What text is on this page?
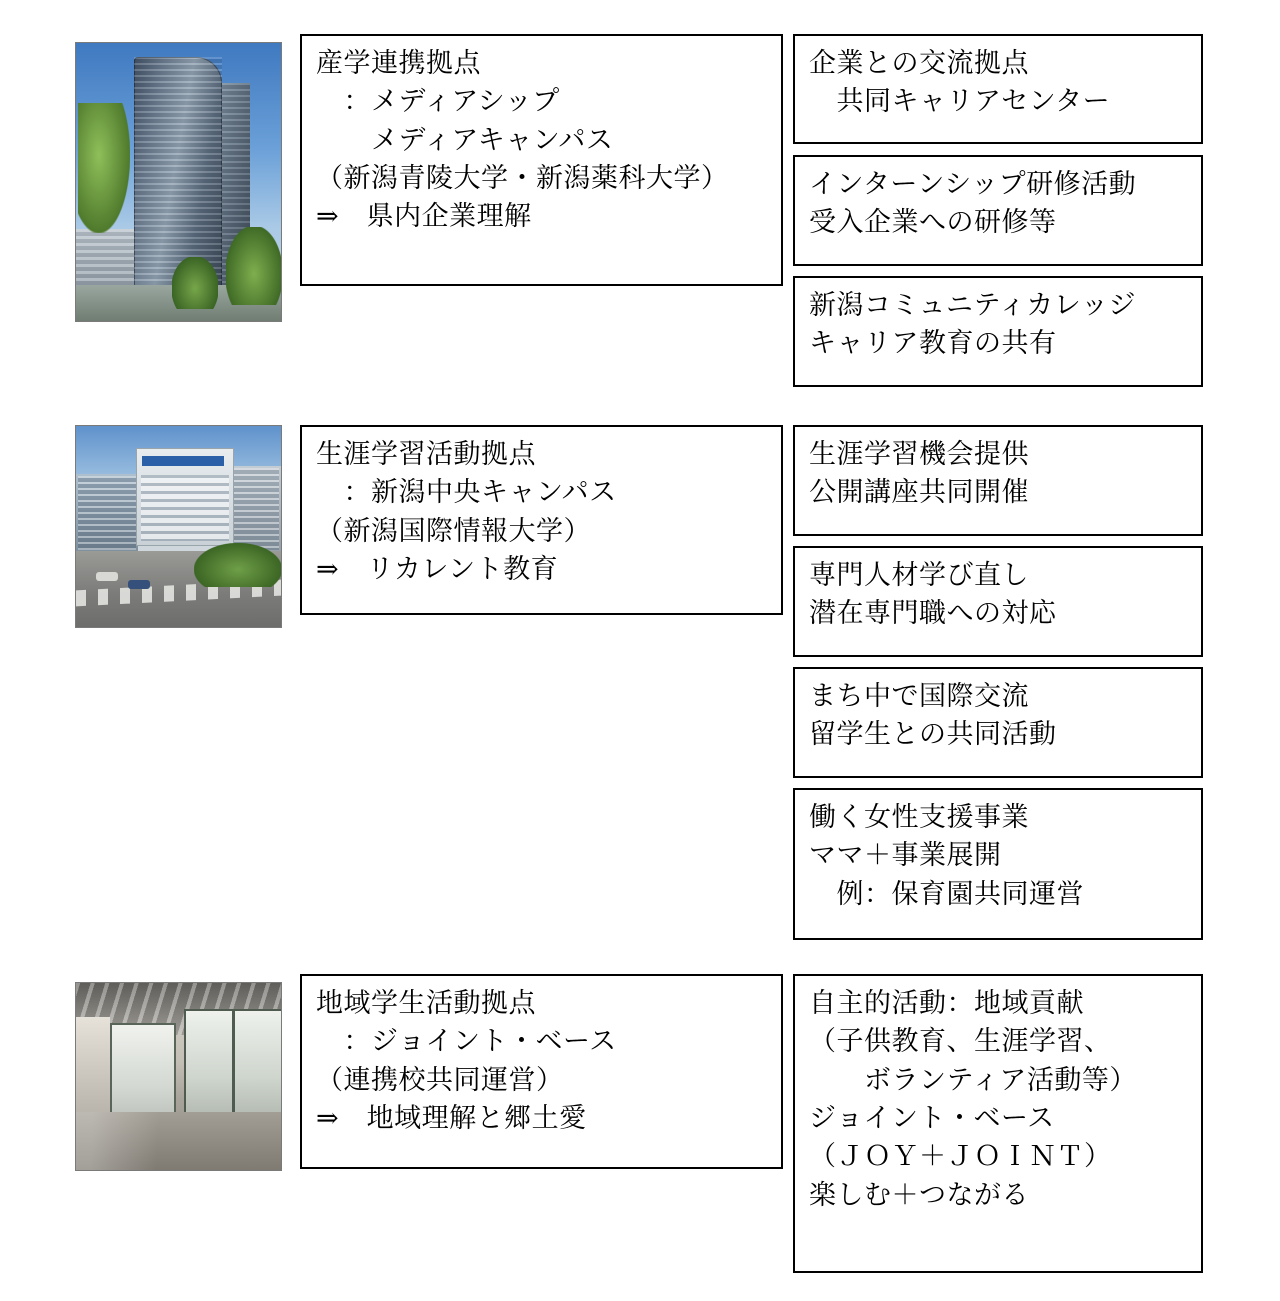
産学連携拠点
　：メディアシップ
　　メディアキャンパス
（新潟青陵大学・新潟薬科大学）
⇒　県内企業理解
企業との交流拠点
　共同キャリアセンター
インターンシップ研修活動
受入企業への研修等
新潟コミュニティカレッジ
キャリア教育の共有
生涯学習活動拠点
　：新潟中央キャンパス
（新潟国際情報大学）
⇒　リカレント教育
生涯学習機会提供
公開講座共同開催
専門人材学び直し
潜在専門職への対応
まち中で国際交流
留学生との共同活動
働く女性支援事業
ママ＋事業展開
　例：保育園共同運営
地域学生活動拠点
　：ジョイント・ベース
（連携校共同運営）
⇒　地域理解と郷土愛
自主的活動：地域貢献
（子供教育、生涯学習、
　　ボランティア活動等）
ジョイント・ベース
（ＪＯＹ＋ＪＯＩＮＴ）
楽しむ＋つながる
